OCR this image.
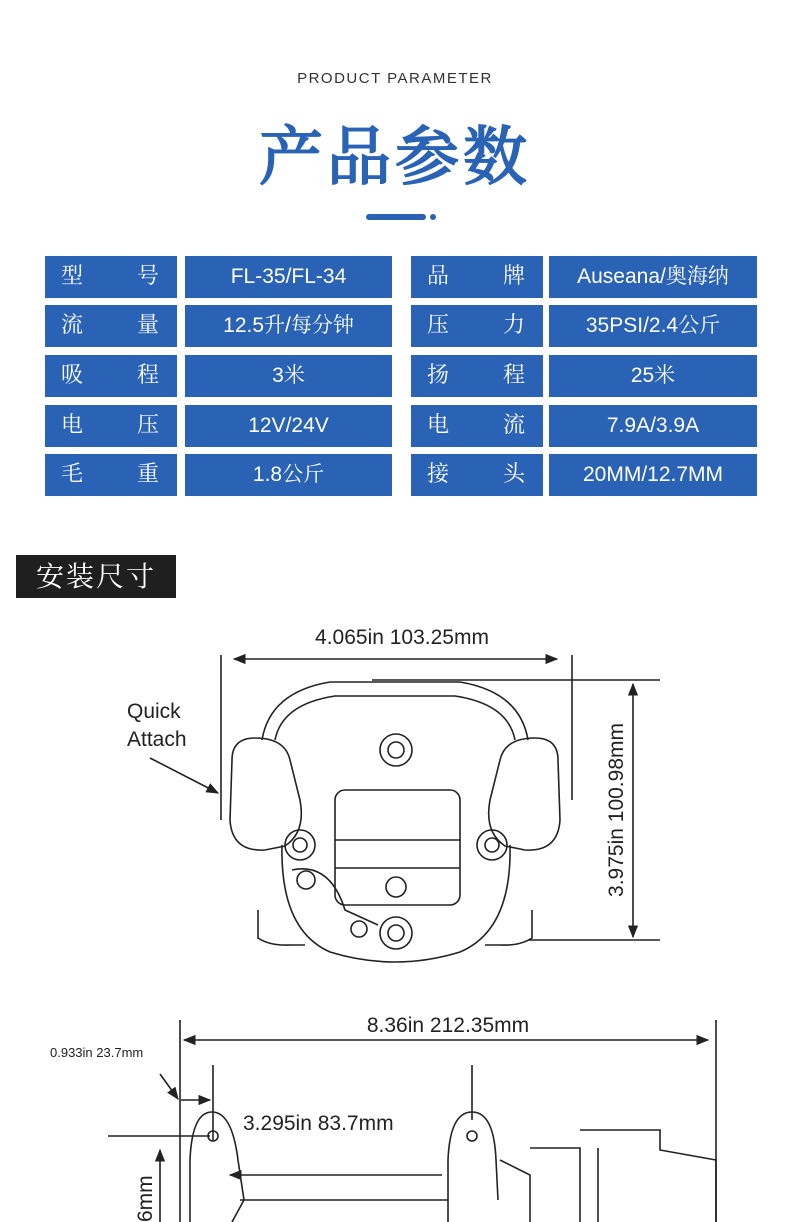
PRODUCT PARAMETER
产品参数
型 号	FL-35/FL-34	品 牌	Auseana/奥海纳
流 量	12.5升/每分钟	压 力	35PSI/2.4公斤
吸 程	3米	扬 程	25米
电 压	12V/24V	电 流	7.9A/3.9A
毛 重	1.8公斤	接 头	20MM/12.7MM
安装尺寸
4.065in 103.25mm
3.975in 100.98mm
Quick
Attach
8.36in 212.35mm
0.933in 23.7mm
3.295in 83.7mm
6mm
